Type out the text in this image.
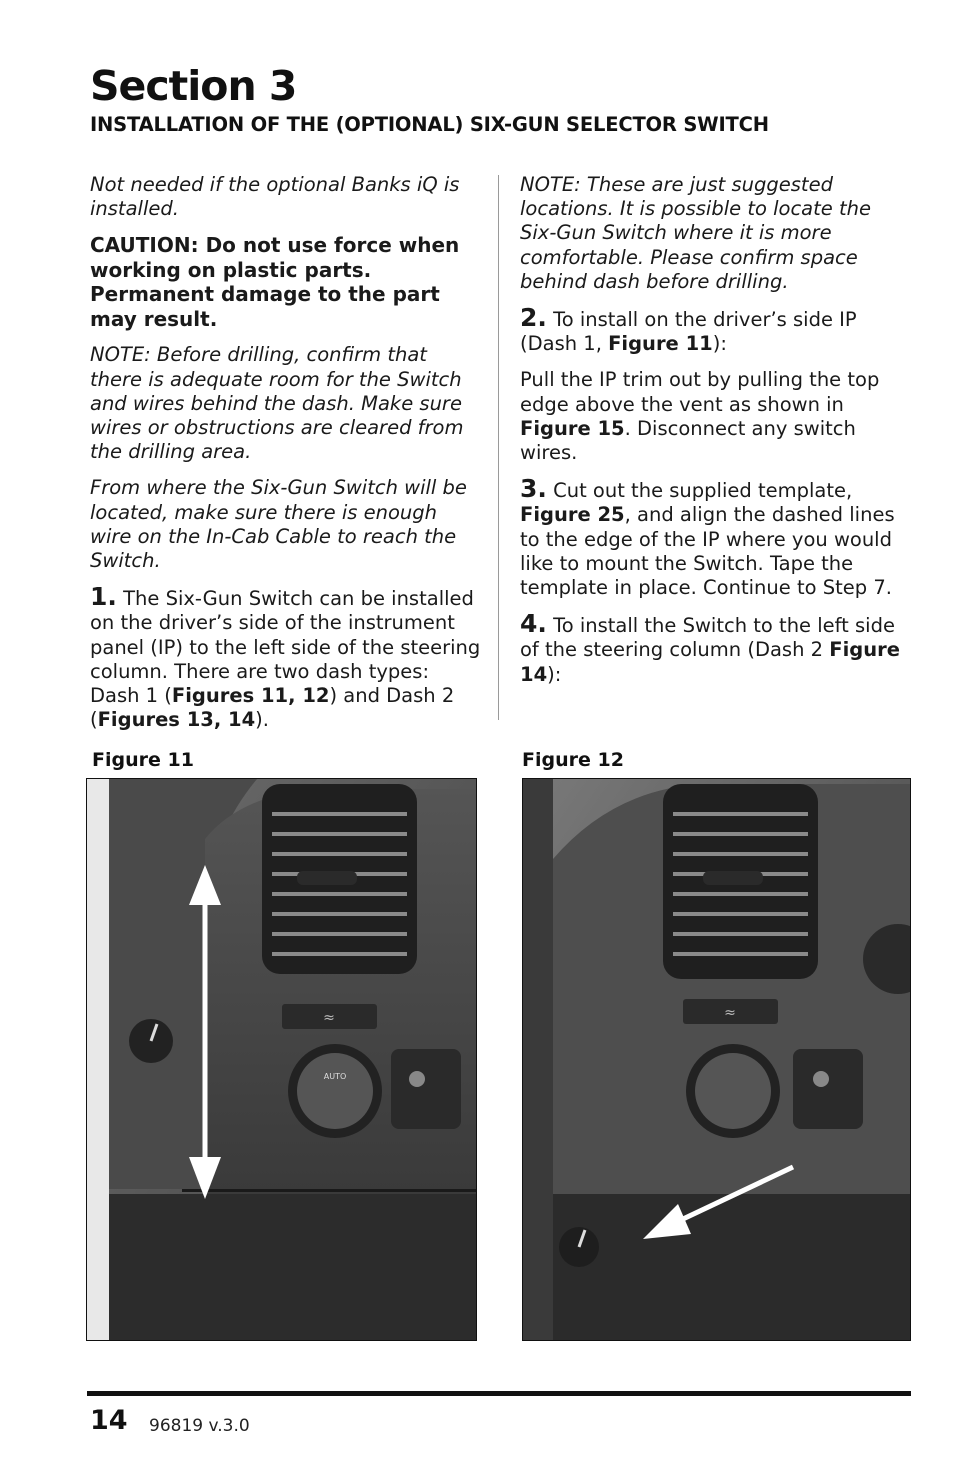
Section 3
INSTALLATION OF THE (OPTIONAL) SIX-GUN SELECTOR SWITCH

Not needed if the optional Banks iQ is installed.

CAUTION: Do not use force when working on plastic parts. Permanent damage to the part may result.

NOTE: Before drilling, confirm that there is adequate room for the Switch and wires behind the dash. Make sure wires or obstructions are cleared from the drilling area.

From where the Six-Gun Switch will be located, make sure there is enough wire on the In-Cab Cable to reach the Switch.

1. The Six-Gun Switch can be installed on the driver’s side of the instrument panel (IP) to the left side of the steering column. There are two dash types: Dash 1 (Figures 11, 12) and Dash 2 (Figures 13, 14).

NOTE: These are just suggested locations. It is possible to locate the Six-Gun Switch where it is more comfortable. Please confirm space behind dash before drilling.

2. To install on the driver’s side IP (Dash 1, Figure 11):

Pull the IP trim out by pulling the top edge above the vent as shown in Figure 15. Disconnect any switch wires.

3. Cut out the supplied template, Figure 25, and align the dashed lines to the edge of the IP where you would like to mount the Switch. Tape the template in place. Continue to Step 7.

4. To install the Switch to the left side of the steering column (Dash 2 Figure 14):

Figure 11	Figure 12
≈
AUTO
≈
14 96819 v.3.0
